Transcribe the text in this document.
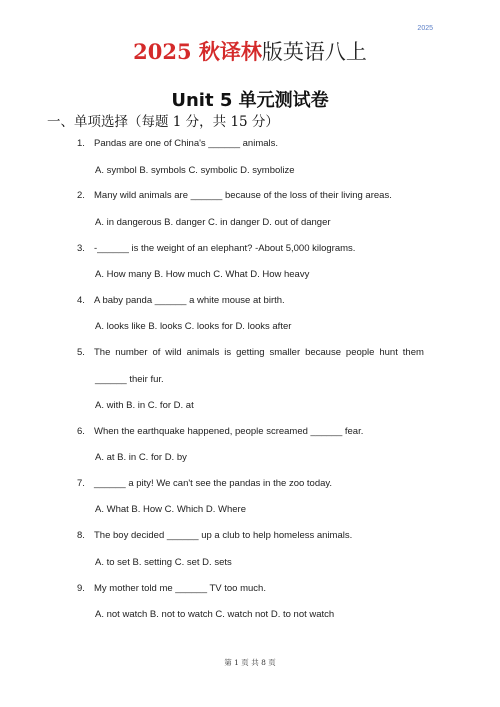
2025
2025 秋译林版英语八上
Unit 5 单元测试卷
一、单项选择（每题 1 分，共 15 分）
1. Pandas are one of China's ______ animals.
A. symbol B. symbols C. symbolic D. symbolize
2. Many wild animals are ______ because of the loss of their living areas.
A. in dangerous B. danger C. in danger D. out of danger
3. -______ is the weight of an elephant? -About 5,000 kilograms.
A. How many B. How much C. What D. How heavy
4. A baby panda ______ a white mouse at birth.
A. looks like B. looks C. looks for D. looks after
5. The number of wild animals is getting smaller because people hunt them
______ their fur.
A. with B. in C. for D. at
6. When the earthquake happened, people screamed ______ fear.
A. at B. in C. for D. by
7. ______ a pity! We can't see the pandas in the zoo today.
A. What B. How C. Which D. Where
8. The boy decided ______ up a club to help homeless animals.
A. to set B. setting C. set D. sets
9. My mother told me ______ TV too much.
A. not watch B. not to watch C. watch not D. to not watch
第 1 页 共 8 页
